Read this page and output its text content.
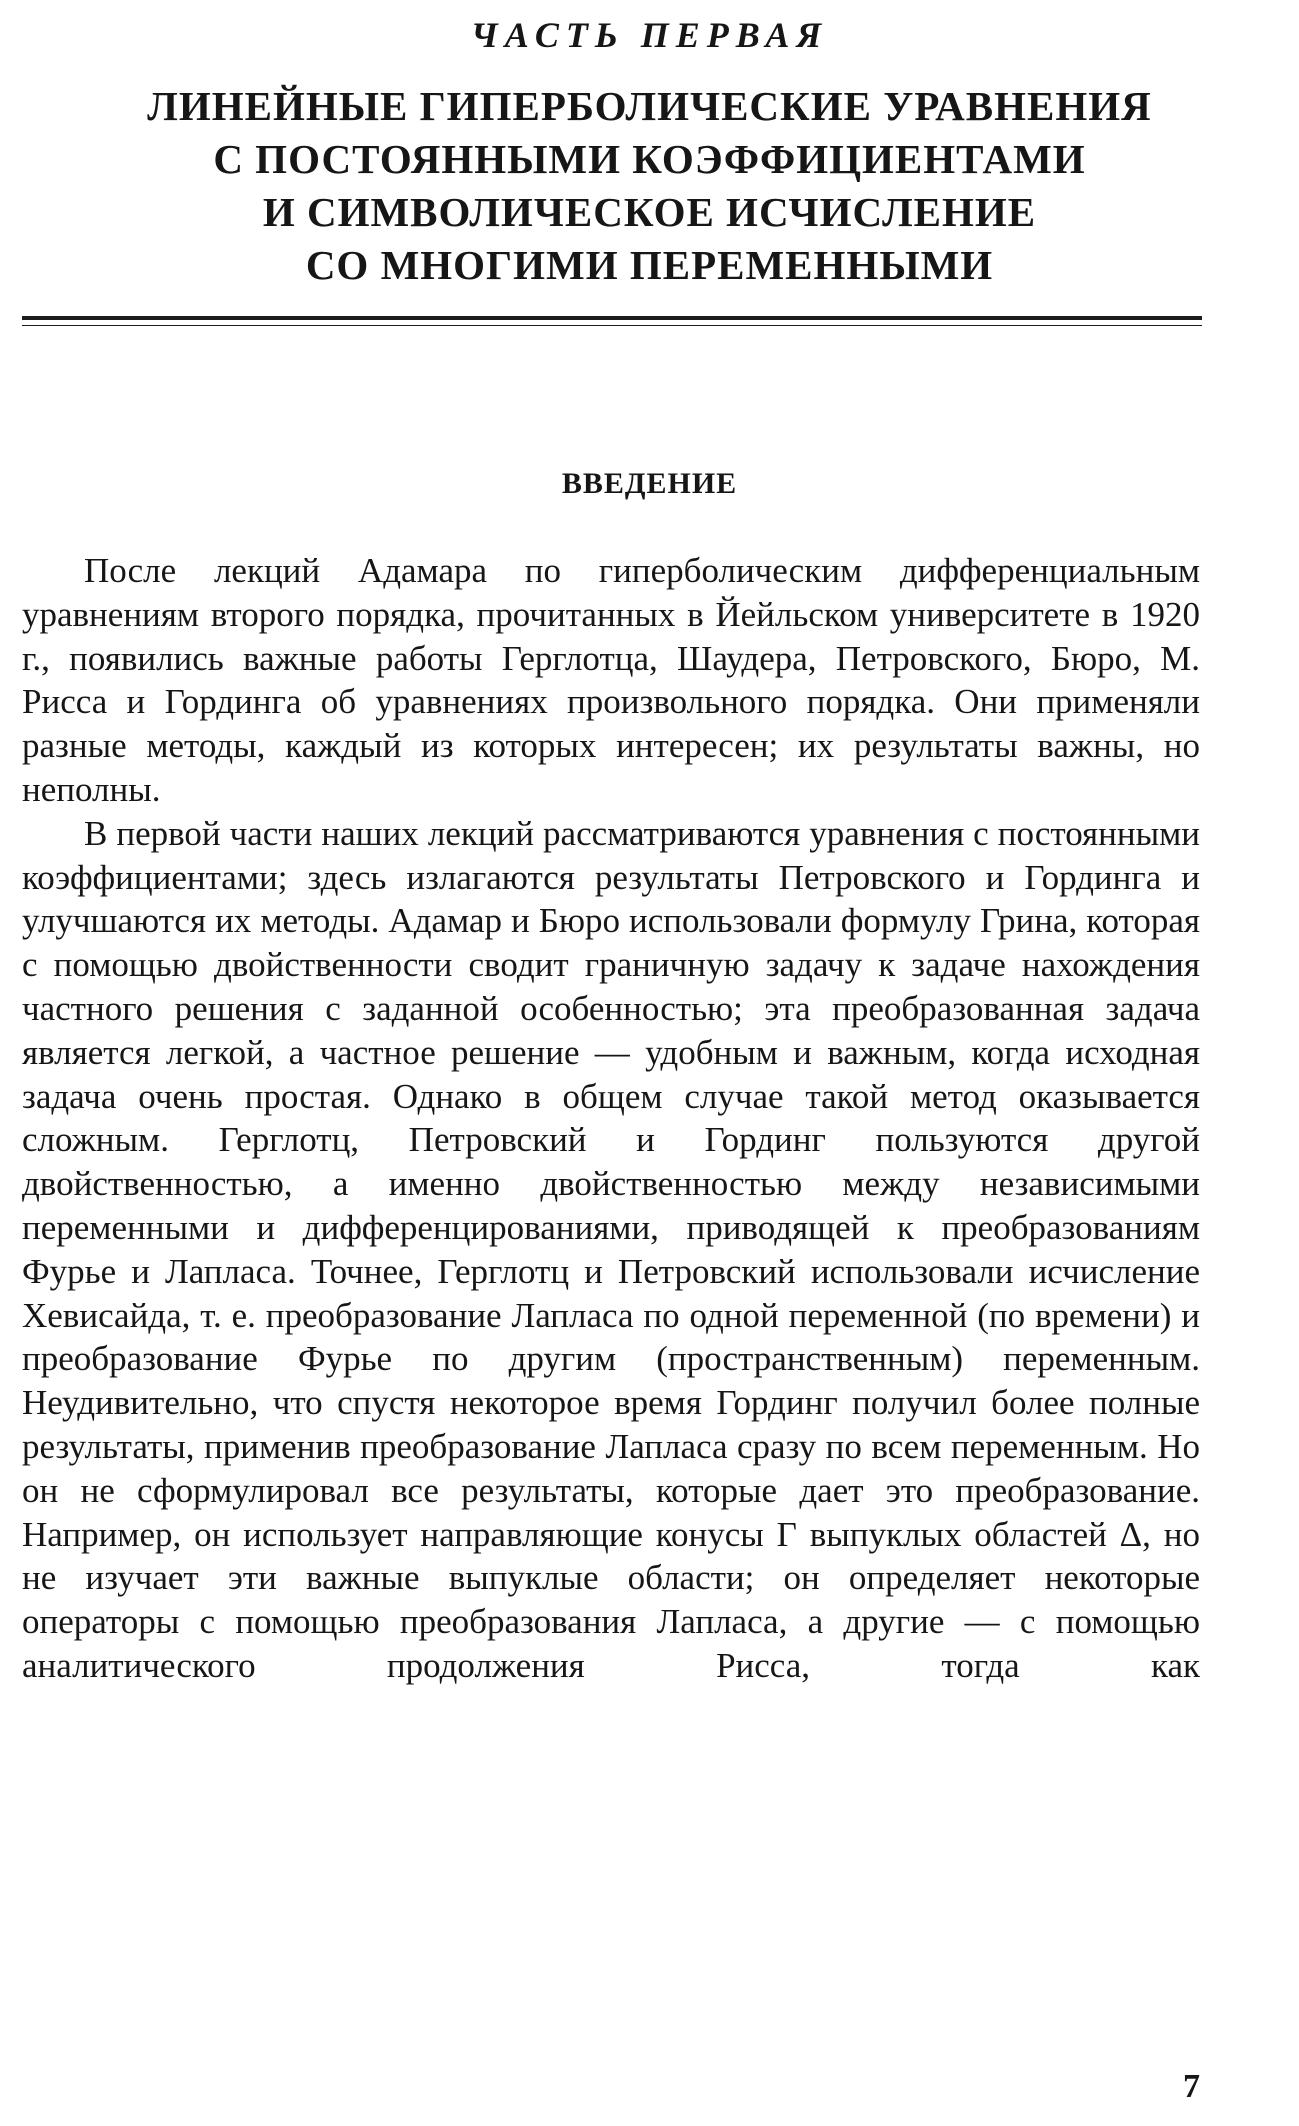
ЧАСТЬ ПЕРВАЯ
ЛИНЕЙНЫЕ ГИПЕРБОЛИЧЕСКИЕ УРАВНЕНИЯ
С ПОСТОЯННЫМИ КОЭФФИЦИЕНТАМИ
И СИМВОЛИЧЕСКОЕ ИСЧИСЛЕНИЕ
СО МНОГИМИ ПЕРЕМЕННЫМИ
ВВЕДЕНИЕ

После лекций Адамара по гиперболическим дифференциальным уравнениям второго порядка, прочитанных в Йейльском университете в 1920 г., появились важные работы Герглотца, Шаудера, Петровского, Бюро, М. Рисса и Гординга об уравнениях произвольного порядка. Они применяли разные методы, каждый из которых интересен; их результаты важны, но неполны.

В первой части наших лекций рассматриваются уравнения с постоянными коэффициентами; здесь излагаются результаты Петровского и Гординга и улучшаются их методы. Адамар и Бюро использовали формулу Грина, которая с помощью двойственности сводит граничную задачу к задаче нахождения частного решения с заданной особенностью; эта преобразованная задача является легкой, а частное решение — удобным и важным, когда исходная задача очень простая. Однако в общем случае такой метод оказывается сложным. Герглотц, Петровский и Гординг пользуются другой двойственностью, а именно двойственностью между независимыми переменными и дифференцированиями, приводящей к преобразованиям Фурье и Лапласа. Точнее, Герглотц и Петровский использовали исчисление Хевисайда, т. е. преобразование Лапласа по одной переменной (по времени) и преобразование Фурье по другим (пространственным) переменным. Неудивительно, что спустя некоторое время Гординг получил более полные результаты, применив преобразование Лапласа сразу по всем переменным. Но он не сформулировал все результаты, которые дает это преобразование. Например, он использует направляющие конусы Γ выпуклых областей Δ, но не изучает эти важные выпуклые области; он определяет некоторые операторы с помощью преобразования Лапласа, а другие — с помощью аналитического продолжения Рисса, тогда как

7
